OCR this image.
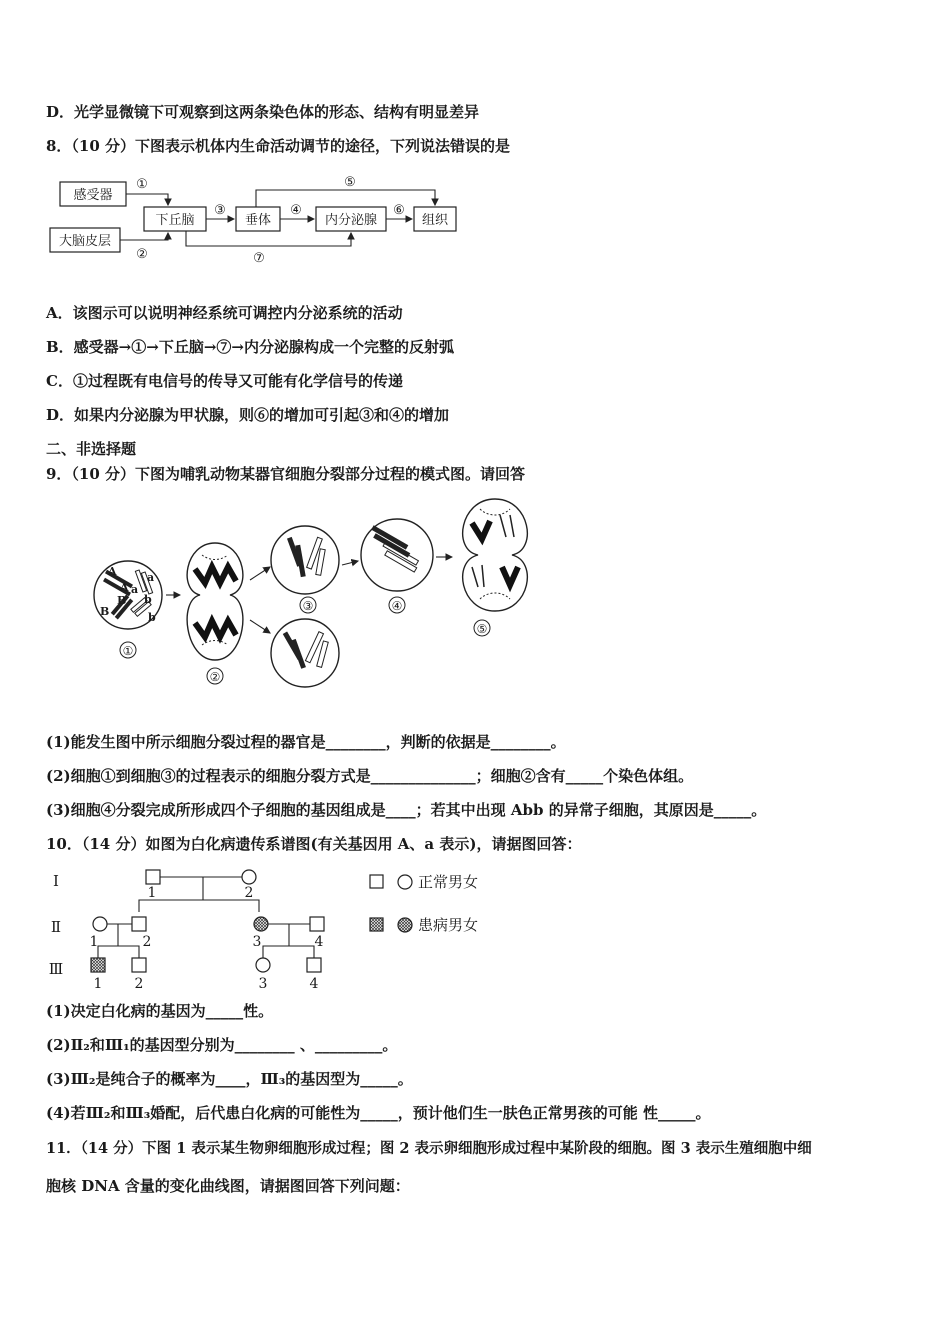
D．光学显微镜下可观察到这两条染色体的形态、结构有明显差异
8．（10 分）下图表示机体内生命活动调节的途径，下列说法错误的是
感受器
大脑皮层
下丘脑	垂体	内分泌腺	组织
①
②
③	④
⑤
⑥
⑦
A．该图示可以说明神经系统可调控内分泌系统的活动
B．感受器→①→下丘脑→⑦→内分泌腺构成一个完整的反射弧
C．①过程既有电信号的传导又可能有化学信号的传递
D．如果内分泌腺为甲状腺，则⑥的增加可引起③和④的增加
二、非选择题
9．（10 分）下图为哺乳动物某器官细胞分裂部分过程的模式图。请回答
A
A a
a
B
B
b
b
①
②
③	④
⑤
(1)能发生图中所示细胞分裂过程的器官是________，判断的依据是________。
(2)细胞①到细胞③的过程表示的细胞分裂方式是______________；细胞②含有_____个染色体组。
(3)细胞④分裂完成所形成四个子细胞的基因组成是____；若其中出现 Abb 的异常子细胞，其原因是_____。
10．（14 分）如图为白化病遗传系谱图(有关基因用 A、a 表示)，请据图回答：
Ⅰ
Ⅱ
Ⅲ
1	2
1	2	3	4
1 2	3	4
正常男女
患病男女
(1)决定白化病的基因为_____性。
(2)Ⅱ₂和Ⅲ₁的基因型分别为________ 、_________。
(3)Ⅲ₂是纯合子的概率为____，Ⅲ₃的基因型为_____。
(4)若Ⅲ₂和Ⅲ₃婚配，后代患白化病的可能性为_____，预计他们生一肤色正常男孩的可能 性_____。
11．（14 分）下图 1 表示某生物卵细胞形成过程；图 2 表示卵细胞形成过程中某阶段的细胞。图 3 表示生殖细胞中细
胞核 DNA 含量的变化曲线图，请据图回答下列问题：
